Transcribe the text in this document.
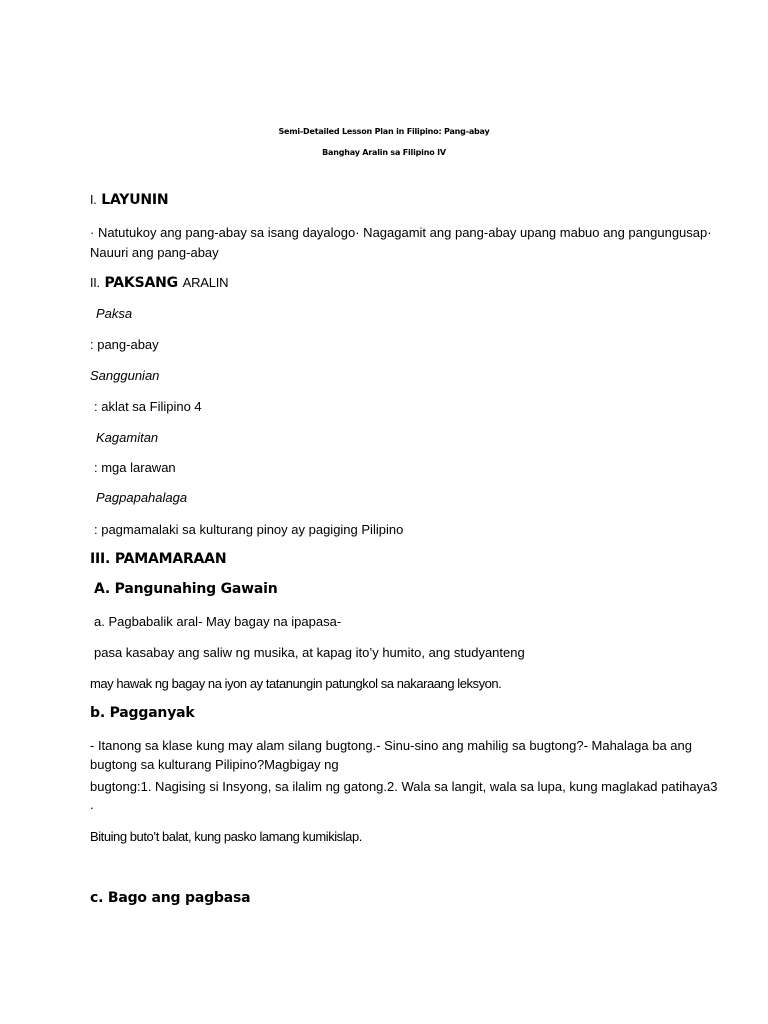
Semi-Detailed Lesson Plan in Filipino: Pang-abay
Banghay Aralin sa Filipino IV
I. LAYUNIN
· Natutukoy ang pang-abay sa isang dayalogo· Nagagamit ang pang-abay upang mabuo ang pangungusap·
Nauuri ang pang-abay
II. PAKSANG ARALIN
Paksa
: pang-abay
Sanggunian
: aklat sa Filipino 4
Kagamitan
: mga larawan
Pagpapahalaga
: pagmamalaki sa kulturang pinoy ay pagiging Pilipino
III. PAMAMARAAN
A. Pangunahing Gawain
a. Pagbabalik aral- May bagay na ipapasa-
pasa kasabay ang saliw ng musika, at kapag ito’y humito, ang studyanteng
may hawak ng bagay na iyon ay tatanungin patungkol sa nakaraang leksyon.
b. Pagganyak
- Itanong sa klase kung may alam silang bugtong.- Sinu-sino ang mahilig sa bugtong?- Mahalaga ba ang
bugtong sa kulturang Pilipino?Magbigay ng
bugtong:1. Nagising si Insyong, sa ilalim ng gatong.2. Wala sa langit, wala sa lupa, kung maglakad patihaya3
.
Bituing buto’t balat, kung pasko lamang kumikislap.
c. Bago ang pagbasa
